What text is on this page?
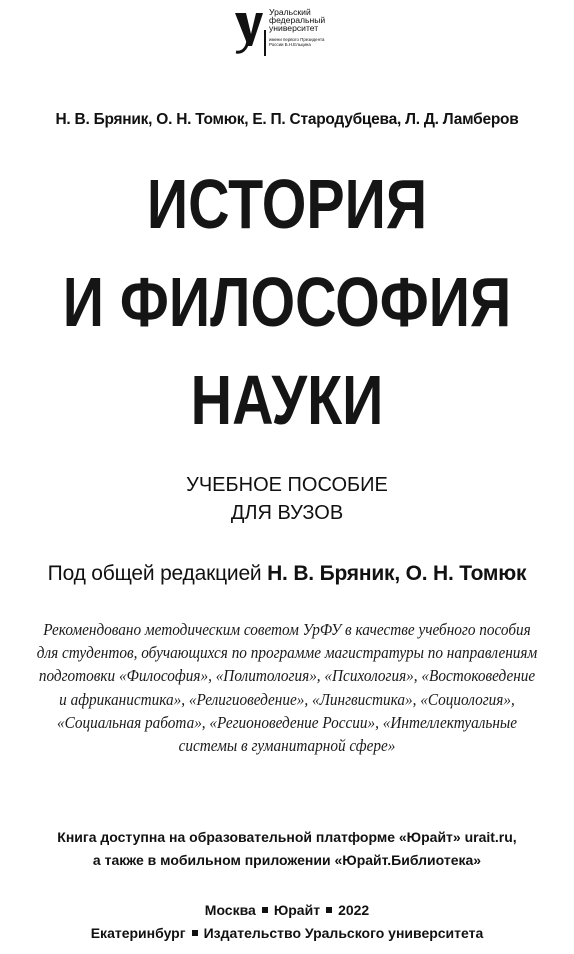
Уральский
федеральный
университет
имени первого Президента
России Б.Н.Ельцина
Н. В. Бряник, О. Н. Томюк, Е. П. Стародубцева, Л. Д. Ламберов
ИСТОРИЯ
И ФИЛОСОФИЯ
НАУКИ
УЧЕБНОЕ ПОСОБИЕ
ДЛЯ ВУЗОВ
Под общей редакцией Н. В. Бряник, О. Н. Томюк
Рекомендовано методическим советом УрФУ в качестве учебного пособия
для студентов, обучающихся по программе магистратуры по направлениям
подготовки «Философия», «Политология», «Психология», «Востоковедение
и африканистика», «Религиоведение», «Лингвистика», «Социология»,
«Социальная работа», «Регионоведение России», «Интеллектуальные
системы в гуманитарной сфере»
Книга доступна на образовательной платформе «Юрайт» urait.ru,
а также в мобильном приложении «Юрайт.Библиотека»
Москва Юрайт 2022
Екатеринбург Издательство Уральского университета
